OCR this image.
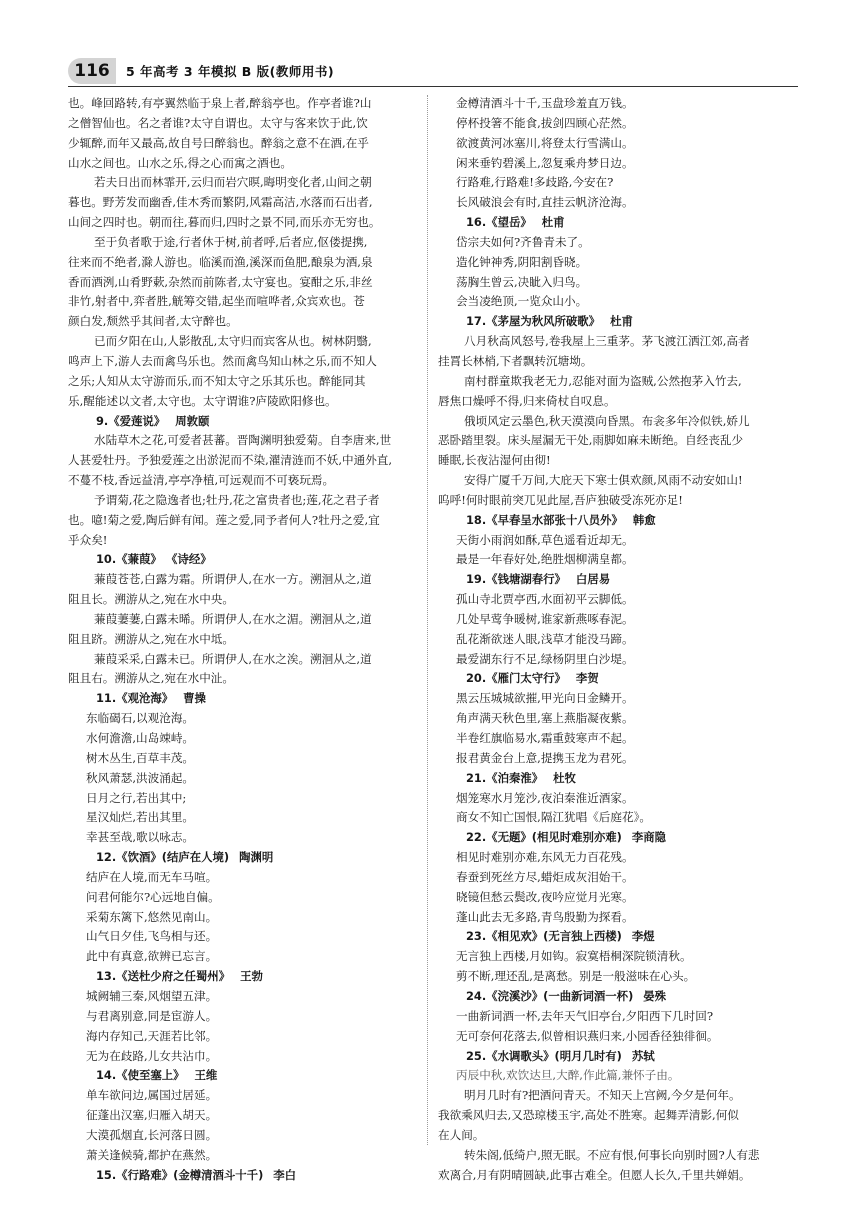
116	5 年高考 3 年模拟 B 版(教师用书)
也。峰回路转,有亭翼然临于泉上者,醉翁亭也。作亭者谁?山
之僧智仙也。名之者谁?太守自谓也。太守与客来饮于此,饮
少辄醉,而年又最高,故自号曰醉翁也。醉翁之意不在酒,在乎
山水之间也。山水之乐,得之心而寓之酒也。
若夫日出而林霏开,云归而岩穴暝,晦明变化者,山间之朝
暮也。野芳发而幽香,佳木秀而繁阴,风霜高洁,水落而石出者,
山间之四时也。朝而往,暮而归,四时之景不同,而乐亦无穷也。
至于负者歌于途,行者休于树,前者呼,后者应,伛偻提携,
往来而不绝者,滁人游也。临溪而渔,溪深而鱼肥,酿泉为酒,泉
香而酒洌,山肴野蔌,杂然而前陈者,太守宴也。宴酣之乐,非丝
非竹,射者中,弈者胜,觥筹交错,起坐而喧哗者,众宾欢也。苍
颜白发,颓然乎其间者,太守醉也。
已而夕阳在山,人影散乱,太守归而宾客从也。树林阴翳,
鸣声上下,游人去而禽鸟乐也。然而禽鸟知山林之乐,而不知人
之乐;人知从太守游而乐,而不知太守之乐其乐也。醉能同其
乐,醒能述以文者,太守也。太守谓谁?庐陵欧阳修也。
9.《爱莲说》 周敦颐
水陆草木之花,可爱者甚蕃。晋陶渊明独爱菊。自李唐来,世
人甚爱牡丹。予独爱莲之出淤泥而不染,濯清涟而不妖,中通外直,
不蔓不枝,香远益清,亭亭净植,可远观而不可亵玩焉。
予谓菊,花之隐逸者也;牡丹,花之富贵者也;莲,花之君子者
也。噫!菊之爱,陶后鲜有闻。莲之爱,同予者何人?牡丹之爱,宜
乎众矣!
10.《蒹葭》 《诗经》
蒹葭苍苍,白露为霜。所谓伊人,在水一方。溯洄从之,道
阻且长。溯游从之,宛在水中央。
蒹葭萋萋,白露未晞。所谓伊人,在水之湄。溯洄从之,道
阻且跻。溯游从之,宛在水中坻。
蒹葭采采,白露未已。所谓伊人,在水之涘。溯洄从之,道
阻且右。溯游从之,宛在水中沚。
11.《观沧海》 曹操
东临碣石,以观沧海。
水何澹澹,山岛竦峙。
树木丛生,百草丰茂。
秋风萧瑟,洪波涌起。
日月之行,若出其中;
星汉灿烂,若出其里。
幸甚至哉,歌以咏志。
12.《饮酒》(结庐在人境) 陶渊明
结庐在人境,而无车马喧。
问君何能尔?心远地自偏。
采菊东篱下,悠然见南山。
山气日夕佳,飞鸟相与还。
此中有真意,欲辨已忘言。
13.《送杜少府之任蜀州》 王勃
城阙辅三秦,风烟望五津。
与君离别意,同是宦游人。
海内存知己,天涯若比邻。
无为在歧路,儿女共沾巾。
14.《使至塞上》 王维
单车欲问边,属国过居延。
征蓬出汉塞,归雁入胡天。
大漠孤烟直,长河落日圆。
萧关逢候骑,都护在燕然。
15.《行路难》(金樽清酒斗十千) 李白
金樽清酒斗十千,玉盘珍羞直万钱。
停杯投箸不能食,拔剑四顾心茫然。
欲渡黄河冰塞川,将登太行雪满山。
闲来垂钓碧溪上,忽复乘舟梦日边。
行路难,行路难!多歧路,今安在?
长风破浪会有时,直挂云帆济沧海。
16.《望岳》 杜甫
岱宗夫如何?齐鲁青未了。
造化钟神秀,阴阳割昏晓。
荡胸生曾云,决眦入归鸟。
会当凌绝顶,一览众山小。
17.《茅屋为秋风所破歌》 杜甫
八月秋高风怒号,卷我屋上三重茅。茅飞渡江洒江郊,高者
挂罥长林梢,下者飘转沉塘坳。
南村群童欺我老无力,忍能对面为盗贼,公然抱茅入竹去,
唇焦口燥呼不得,归来倚杖自叹息。
俄顷风定云墨色,秋天漠漠向昏黑。布衾多年冷似铁,娇儿
恶卧踏里裂。床头屋漏无干处,雨脚如麻未断绝。自经丧乱少
睡眠,长夜沾湿何由彻!
安得广厦千万间,大庇天下寒士俱欢颜,风雨不动安如山!
呜呼!何时眼前突兀见此屋,吾庐独破受冻死亦足!
18.《早春呈水部张十八员外》 韩愈
天街小雨润如酥,草色遥看近却无。
最是一年春好处,绝胜烟柳满皇都。
19.《钱塘湖春行》 白居易
孤山寺北贾亭西,水面初平云脚低。
几处早莺争暖树,谁家新燕啄春泥。
乱花渐欲迷人眼,浅草才能没马蹄。
最爱湖东行不足,绿杨阴里白沙堤。
20.《雁门太守行》 李贺
黑云压城城欲摧,甲光向日金鳞开。
角声满天秋色里,塞上燕脂凝夜紫。
半卷红旗临易水,霜重鼓寒声不起。
报君黄金台上意,提携玉龙为君死。
21.《泊秦淮》 杜牧
烟笼寒水月笼沙,夜泊秦淮近酒家。
商女不知亡国恨,隔江犹唱《后庭花》。
22.《无题》(相见时难别亦难) 李商隐
相见时难别亦难,东风无力百花残。
春蚕到死丝方尽,蜡炬成灰泪始干。
晓镜但愁云鬓改,夜吟应觉月光寒。
蓬山此去无多路,青鸟殷勤为探看。
23.《相见欢》(无言独上西楼) 李煜
无言独上西楼,月如钩。寂寞梧桐深院锁清秋。
剪不断,理还乱,是离愁。别是一般滋味在心头。
24.《浣溪沙》(一曲新词酒一杯) 晏殊
一曲新词酒一杯,去年天气旧亭台,夕阳西下几时回?
无可奈何花落去,似曾相识燕归来,小园香径独徘徊。
25.《水调歌头》(明月几时有) 苏轼
丙辰中秋,欢饮达旦,大醉,作此篇,兼怀子由。
明月几时有?把酒问青天。不知天上宫阙,今夕是何年。
我欲乘风归去,又恐琼楼玉宇,高处不胜寒。起舞弄清影,何似
在人间。
转朱阁,低绮户,照无眠。不应有恨,何事长向别时圆?人有悲
欢离合,月有阴晴圆缺,此事古难全。但愿人长久,千里共婵娟。
